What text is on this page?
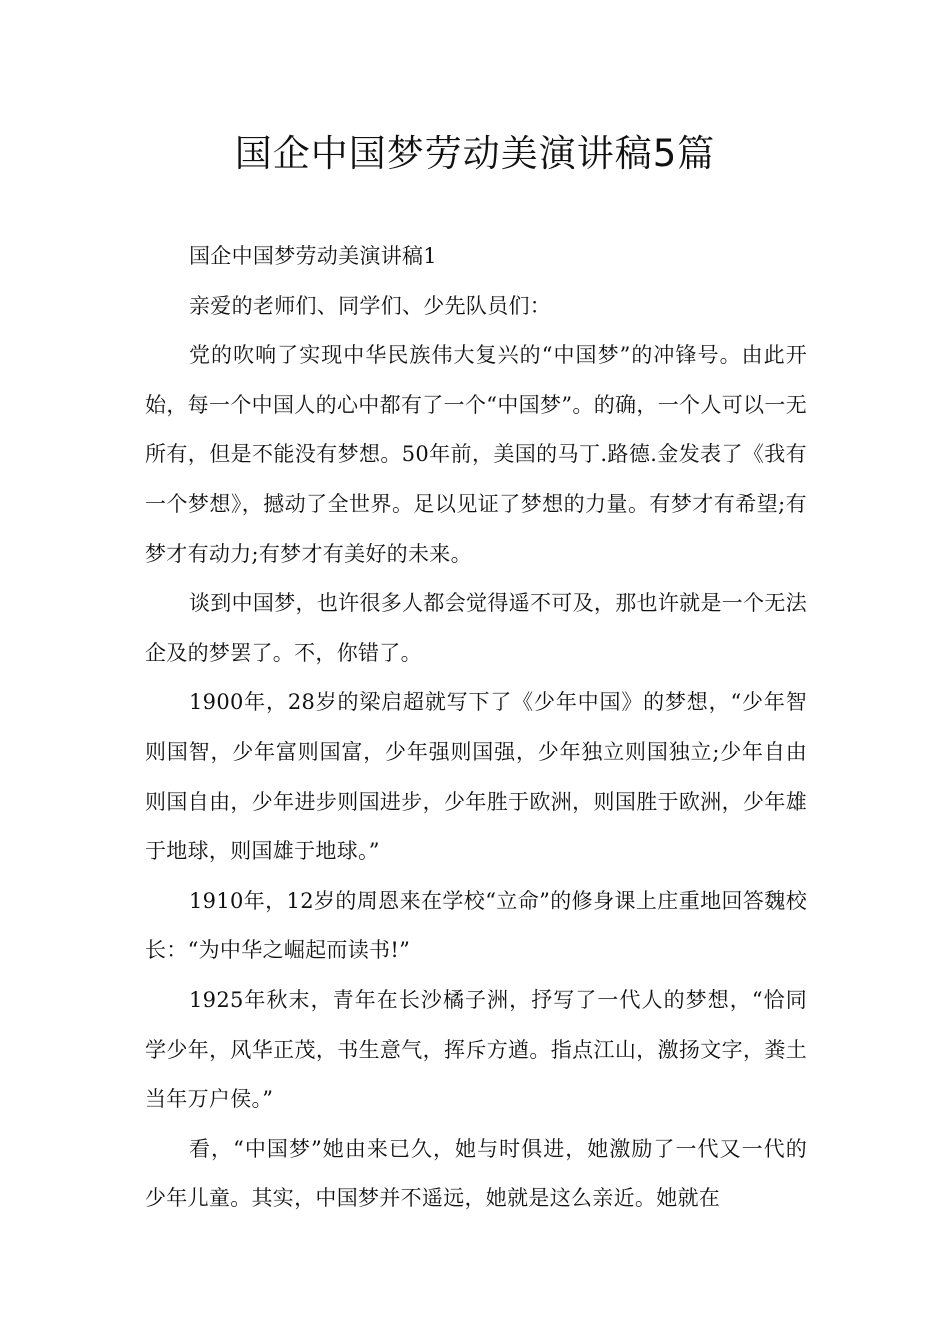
国企中国梦劳动美演讲稿5篇

国企中国梦劳动美演讲稿1

亲爱的老师们、同学们、少先队员们：

党的吹响了实现中华民族伟大复兴的“中国梦”的冲锋号。由此开始，每一个中国人的心中都有了一个“中国梦”。的确，一个人可以一无所有，但是不能没有梦想。50年前，美国的马丁.路德.金发表了《我有一个梦想》，撼动了全世界。足以见证了梦想的力量。有梦才有希望;有梦才有动力;有梦才有美好的未来。

谈到中国梦，也许很多人都会觉得遥不可及，那也许就是一个无法企及的梦罢了。不，你错了。

1900年，28岁的梁启超就写下了《少年中国》的梦想，“少年智则国智，少年富则国富，少年强则国强，少年独立则国独立;少年自由则国自由，少年进步则国进步，少年胜于欧洲，则国胜于欧洲，少年雄于地球，则国雄于地球。”

1910年，12岁的周恩来在学校“立命”的修身课上庄重地回答魏校长：“为中华之崛起而读书!”

1925年秋末，青年在长沙橘子洲，抒写了一代人的梦想，“恰同学少年，风华正茂，书生意气，挥斥方遒。指点江山，激扬文字，粪土当年万户侯。”

看，“中国梦”她由来已久，她与时俱进，她激励了一代又一代的少年儿童。其实，中国梦并不遥远，她就是这么亲近。她就在
